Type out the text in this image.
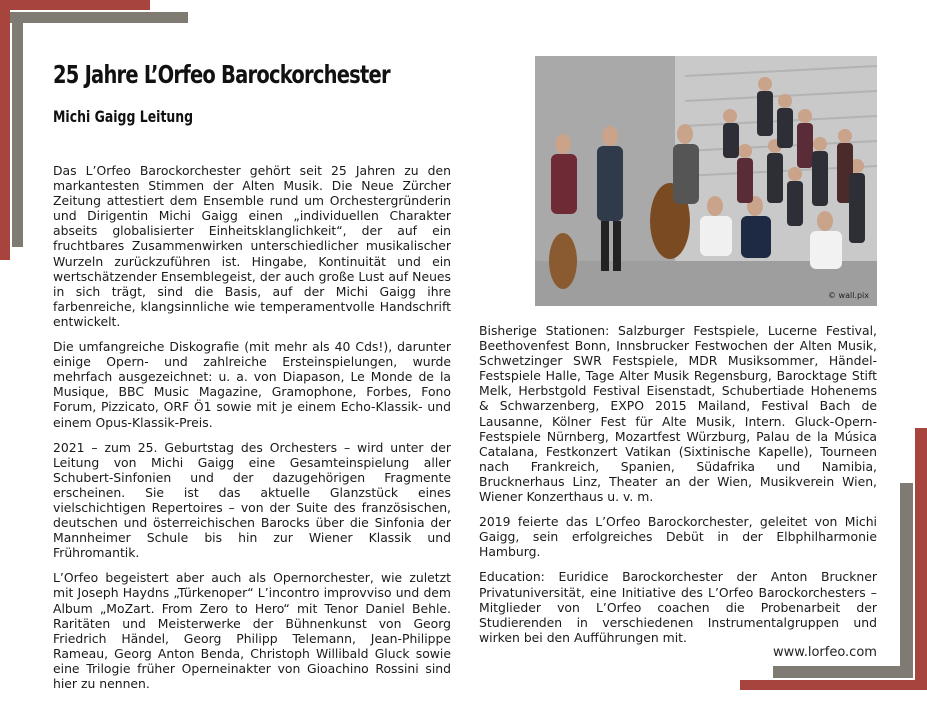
25 Jahre L’Orfeo Barockorchester
Michi Gaigg Leitung

Das L’Orfeo Barockorchester gehört seit 25 Jahren zu den markantesten Stimmen der Alten Musik. Die Neue Zürcher Zeitung attestiert dem Ensemble rund um Orchestergründerin und Dirigentin Michi Gaigg einen „individuellen Charakter abseits globalisierter Einheitsklanglichkeit“, der auf ein fruchtbares Zusammenwirken unterschiedlicher musikalischer Wurzeln zurückzuführen ist. Hingabe, Kontinuität und ein wertschätzender Ensemblegeist, der auch große Lust auf Neues in sich trägt, sind die Basis, auf der Michi Gaigg ihre farbenreiche, klangsinnliche wie temperamentvolle Handschrift entwickelt.

Die umfangreiche Diskografie (mit mehr als 40 Cds!), darunter einige Opern- und zahlreiche Ersteinspielungen, wurde mehrfach ausgezeichnet: u. a. von Diapason, Le Monde de la Musique, BBC Music Magazine, Gramophone, Forbes, Fono Forum, Pizzicato, ORF Ö1 sowie mit je einem Echo-Klassik- und einem Opus-Klassik-Preis.

2021 – zum 25. Geburtstag des Orchesters – wird unter der Leitung von Michi Gaigg eine Gesamteinspielung aller Schubert-Sinfonien und der dazugehörigen Fragmente erscheinen. Sie ist das aktuelle Glanzstück eines vielschichtigen Repertoires – von der Suite des französischen, deutschen und österreichischen Barocks über die Sinfonia der Mannheimer Schule bis hin zur Wiener Klassik und Frühromantik.

L’Orfeo begeistert aber auch als Opernorchester, wie zuletzt mit Joseph Haydns „Türkenoper“ L’incontro improvviso und dem Album „MoZart. From Zero to Hero“ mit Tenor Daniel Behle. Raritäten und Meisterwerke der Bühnenkunst von Georg Friedrich Händel, Georg Philipp Telemann, Jean-Philippe Rameau, Georg Anton Benda, Christoph Willibald Gluck sowie eine Trilogie früher Operneinakter von Gioachino Rossini sind hier zu nennen.

© wall.pix

Bisherige Stationen: Salzburger Festspiele, Lucerne Festival, Beethovenfest Bonn, Innsbrucker Festwochen der Alten Musik, Schwetzinger SWR Festspiele, MDR Musiksommer, Händel-Festspiele Halle, Tage Alter Musik Regensburg, Barocktage Stift Melk, Herbstgold Festival Eisenstadt, Schubertiade Hohenems & Schwarzenberg, EXPO 2015 Mailand, Festival Bach de Lausanne, Kölner Fest für Alte Musik, Intern. Gluck-Opern-Festspiele Nürnberg, Mozartfest Würzburg, Palau de la Música Catalana, Festkonzert Vatikan (Sixtinische Kapelle), Tourneen nach Frankreich, Spanien, Südafrika und Namibia, Brucknerhaus Linz, Theater an der Wien, Musikverein Wien, Wiener Konzerthaus u. v. m.

2019 feierte das L’Orfeo Barockorchester, geleitet von Michi Gaigg, sein erfolgreiches Debüt in der Elbphilharmonie Hamburg.

Education: Euridice Barockorchester der Anton Bruckner Privatuniversität, eine Initiative des L’Orfeo Barockorchesters – Mitglieder von L’Orfeo coachen die Probenarbeit der Studierenden in verschiedenen Instrumentalgruppen und wirken bei den Aufführungen mit.

www.lorfeo.com
